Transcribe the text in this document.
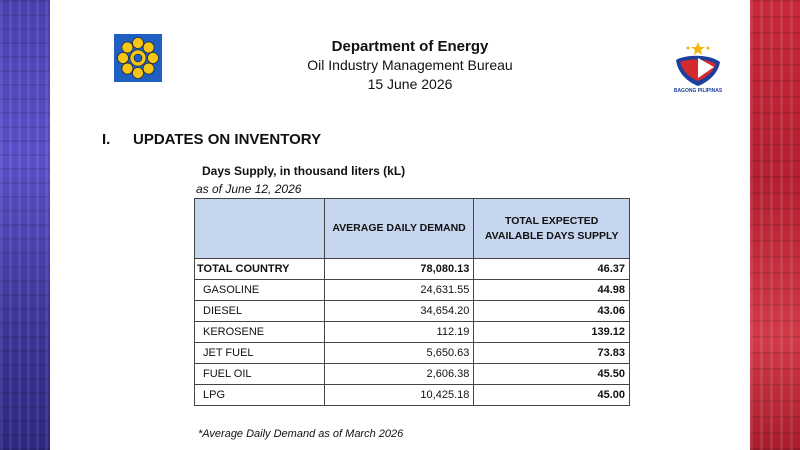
BAGONG PILIPINAS
Department of Energy
Oil Industry Management Bureau
15 June 2026
I. UPDATES ON INVENTORY
Days Supply, in thousand liters (kL)
as of June 12, 2026
	AVERAGE DAILY DEMAND	TOTAL EXPECTED AVAILABLE DAYS SUPPLY
TOTAL COUNTRY	78,080.13	46.37
GASOLINE	24,631.55	44.98
DIESEL	34,654.20	43.06
KEROSENE	112.19	139.12
JET FUEL	5,650.63	73.83
FUEL OIL	2,606.38	45.50
LPG	10,425.18	45.00
*Average Daily Demand as of March 2026
